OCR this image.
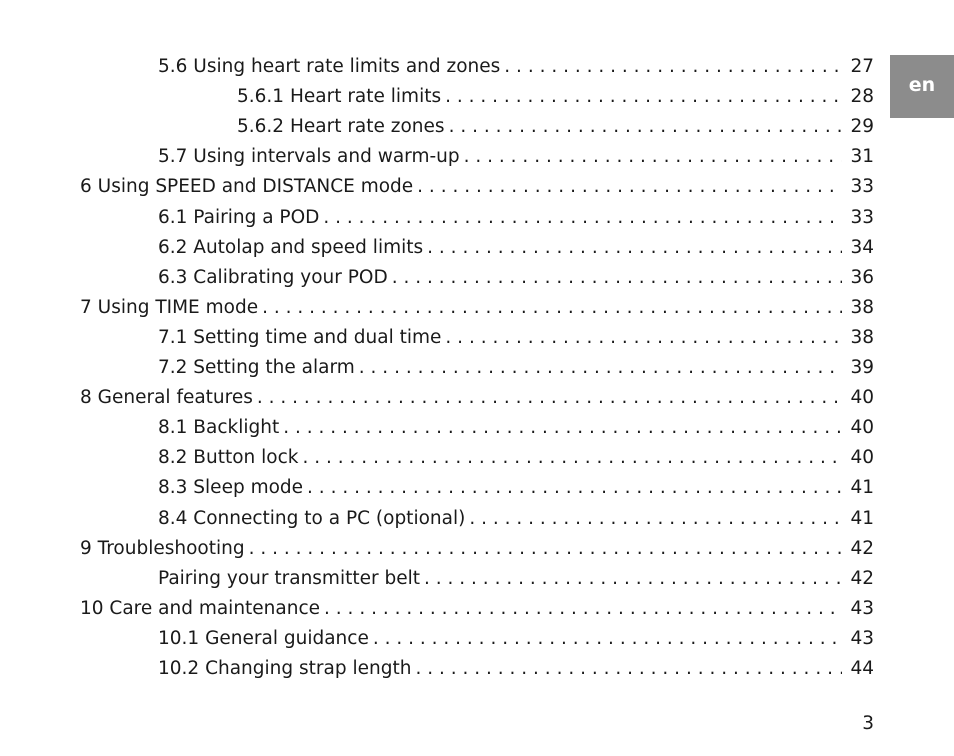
en
5.6 Using heart rate limits and zones . . .	27
5.6.1 Heart rate limits . . .	28
5.6.2 Heart rate zones . . .	29
5.7 Using intervals and warm-up . . .	31
6 Using SPEED and DISTANCE mode . . .	33
6.1 Pairing a POD . . .	33
6.2 Autolap and speed limits . . .	34
6.3 Calibrating your POD . . .	36
7 Using TIME mode . . .	38
7.1 Setting time and dual time . . .	38
7.2 Setting the alarm . . .	39
8 General features . . .	40
8.1 Backlight . . .	40
8.2 Button lock . . .	40
8.3 Sleep mode . . .	41
8.4 Connecting to a PC (optional) . . .	41
9 Troubleshooting . . .	42
Pairing your transmitter belt . . .	42
10 Care and maintenance . . .	43
10.1 General guidance . . .	43
10.2 Changing strap length . . .	44
3
